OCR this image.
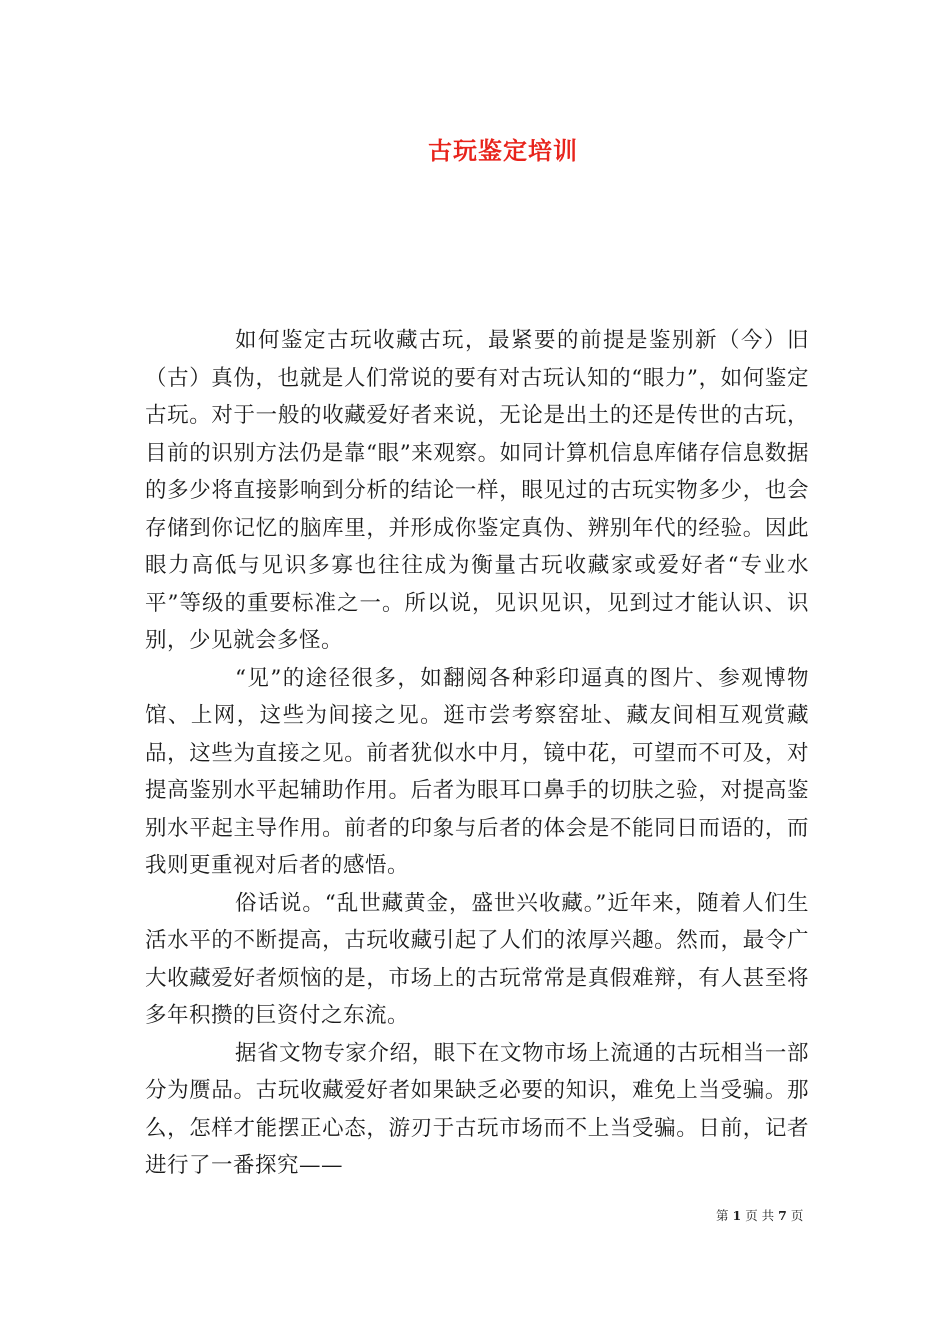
古玩鉴定培训

如何鉴定古玩收藏古玩，最紧要的前提是鉴别新（今）旧（古）真伪，也就是人们常说的要有对古玩认知的“眼力”，如何鉴定古玩。对于一般的收藏爱好者来说，无论是出土的还是传世的古玩，目前的识别方法仍是靠“眼”来观察。如同计算机信息库储存信息数据的多少将直接影响到分析的结论一样，眼见过的古玩实物多少，也会存储到你记忆的脑库里，并形成你鉴定真伪、辨别年代的经验。因此眼力高低与见识多寡也往往成为衡量古玩收藏家或爱好者“专业水平”等级的重要标准之一。所以说，见识见识，见到过才能认识、识别，少见就会多怪。

“见”的途径很多，如翻阅各种彩印逼真的图片、参观博物馆、上网，这些为间接之见。逛市尝考察窑址、藏友间相互观赏藏品，这些为直接之见。前者犹似水中月，镜中花，可望而不可及，对提高鉴别水平起辅助作用。后者为眼耳口鼻手的切肤之验，对提高鉴别水平起主导作用。前者的印象与后者的体会是不能同日而语的，而我则更重视对后者的感悟。

俗话说。“乱世藏黄金，盛世兴收藏。”近年来，随着人们生活水平的不断提高，古玩收藏引起了人们的浓厚兴趣。然而，最令广大收藏爱好者烦恼的是，市场上的古玩常常是真假难辩，有人甚至将多年积攒的巨资付之东流。

据省文物专家介绍，眼下在文物市场上流通的古玩相当一部分为赝品。古玩收藏爱好者如果缺乏必要的知识，难免上当受骗。那么，怎样才能摆正心态，游刃于古玩市场而不上当受骗。日前，记者进行了一番探究——

第 1 页 共 7 页
